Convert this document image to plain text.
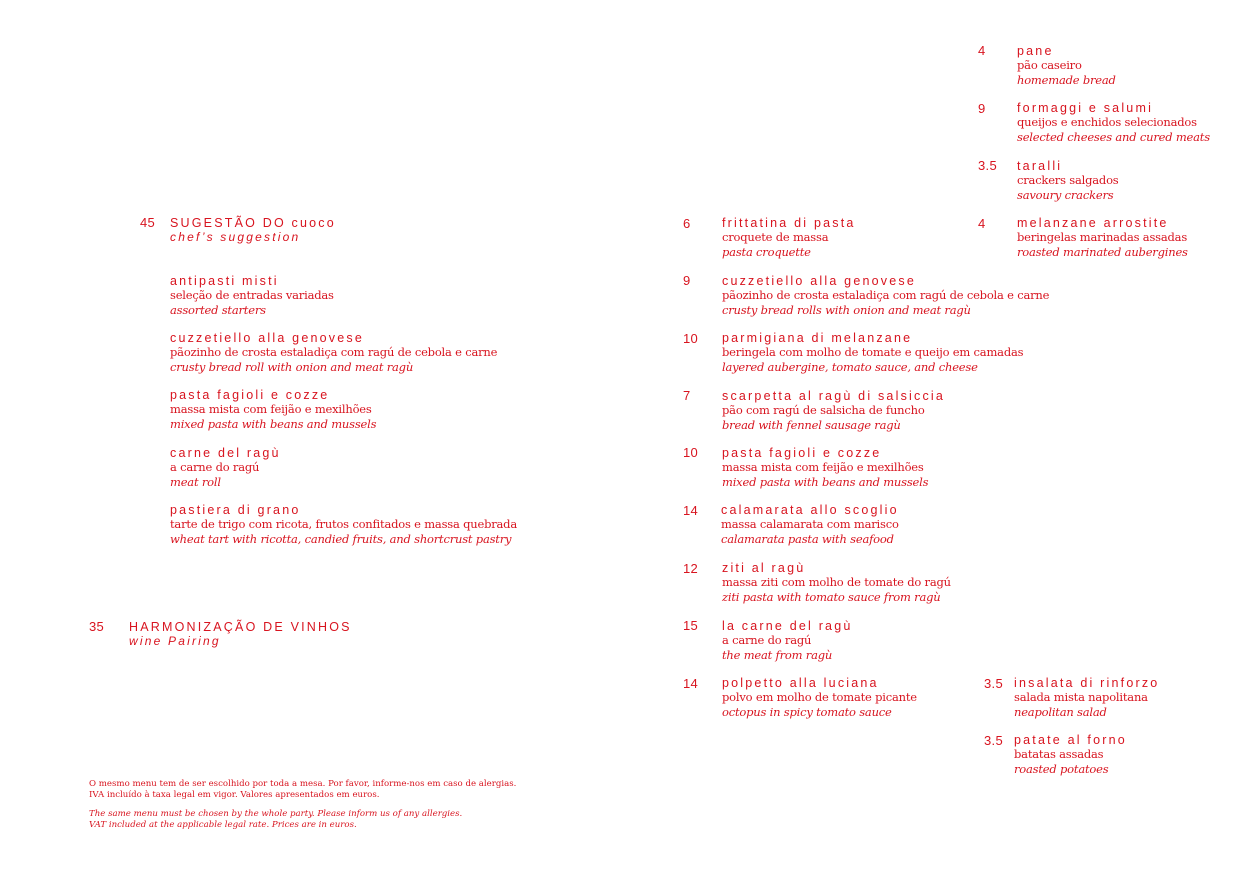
45 SUGESTÃO DO cuoco
chef’s suggestion
antipasti misti
seleção de entradas variadas
assorted starters
cuzzetiello alla genovese
pãozinho de crosta estaladiça com ragú de cebola e carne
crusty bread roll with onion and meat ragù
pasta fagioli e cozze
massa mista com feijão e mexilhões
mixed pasta with beans and mussels
carne del ragù
a carne do ragú
meat roll
pastiera di grano
tarte de trigo com ricota, frutos confitados e massa quebrada
wheat tart with ricotta, candied fruits, and shortcrust pastry
35 HARMONIZAÇÃO DE VINHOS
wine Pairing
O mesmo menu tem de ser escolhido por toda a mesa. Por favor, informe-nos em caso de alergias.
IVA incluído à taxa legal em vigor. Valores apresentados em euros.
The same menu must be chosen by the whole party. Please inform us of any allergies.
VAT included at the applicable legal rate. Prices are in euros.
6	frittatina di pasta
croquete de massa
pasta croquette
9	cuzzetiello alla genovese
pãozinho de crosta estaladiça com ragú de cebola e carne
crusty bread rolls with onion and meat ragù
10 parmigiana di melanzane
beringela com molho de tomate e queijo em camadas
layered aubergine, tomato sauce, and cheese
7	scarpetta al ragù di salsiccia
pão com ragú de salsicha de funcho
bread with fennel sausage ragù
10 pasta fagioli e cozze
massa mista com feijão e mexilhões
mixed pasta with beans and mussels
14 calamarata allo scoglio
massa calamarata com marisco
calamarata pasta with seafood
12 ziti al ragù
massa ziti com molho de tomate do ragú
ziti pasta with tomato sauce from ragù
15 la carne del ragù
a carne do ragú
the meat from ragù
14 polpetto alla luciana
polvo em molho de tomate picante
octopus in spicy tomato sauce
4	pane
pão caseiro
homemade bread
9	formaggi e salumi
queijos e enchidos selecionados
selected cheeses and cured meats
3.5 taralli
crackers salgados
savoury crackers
4	melanzane arrostite
beringelas marinadas assadas
roasted marinated aubergines
3.5 insalata di rinforzo
salada mista napolitana
neapolitan salad
3.5 patate al forno
batatas assadas
roasted potatoes
